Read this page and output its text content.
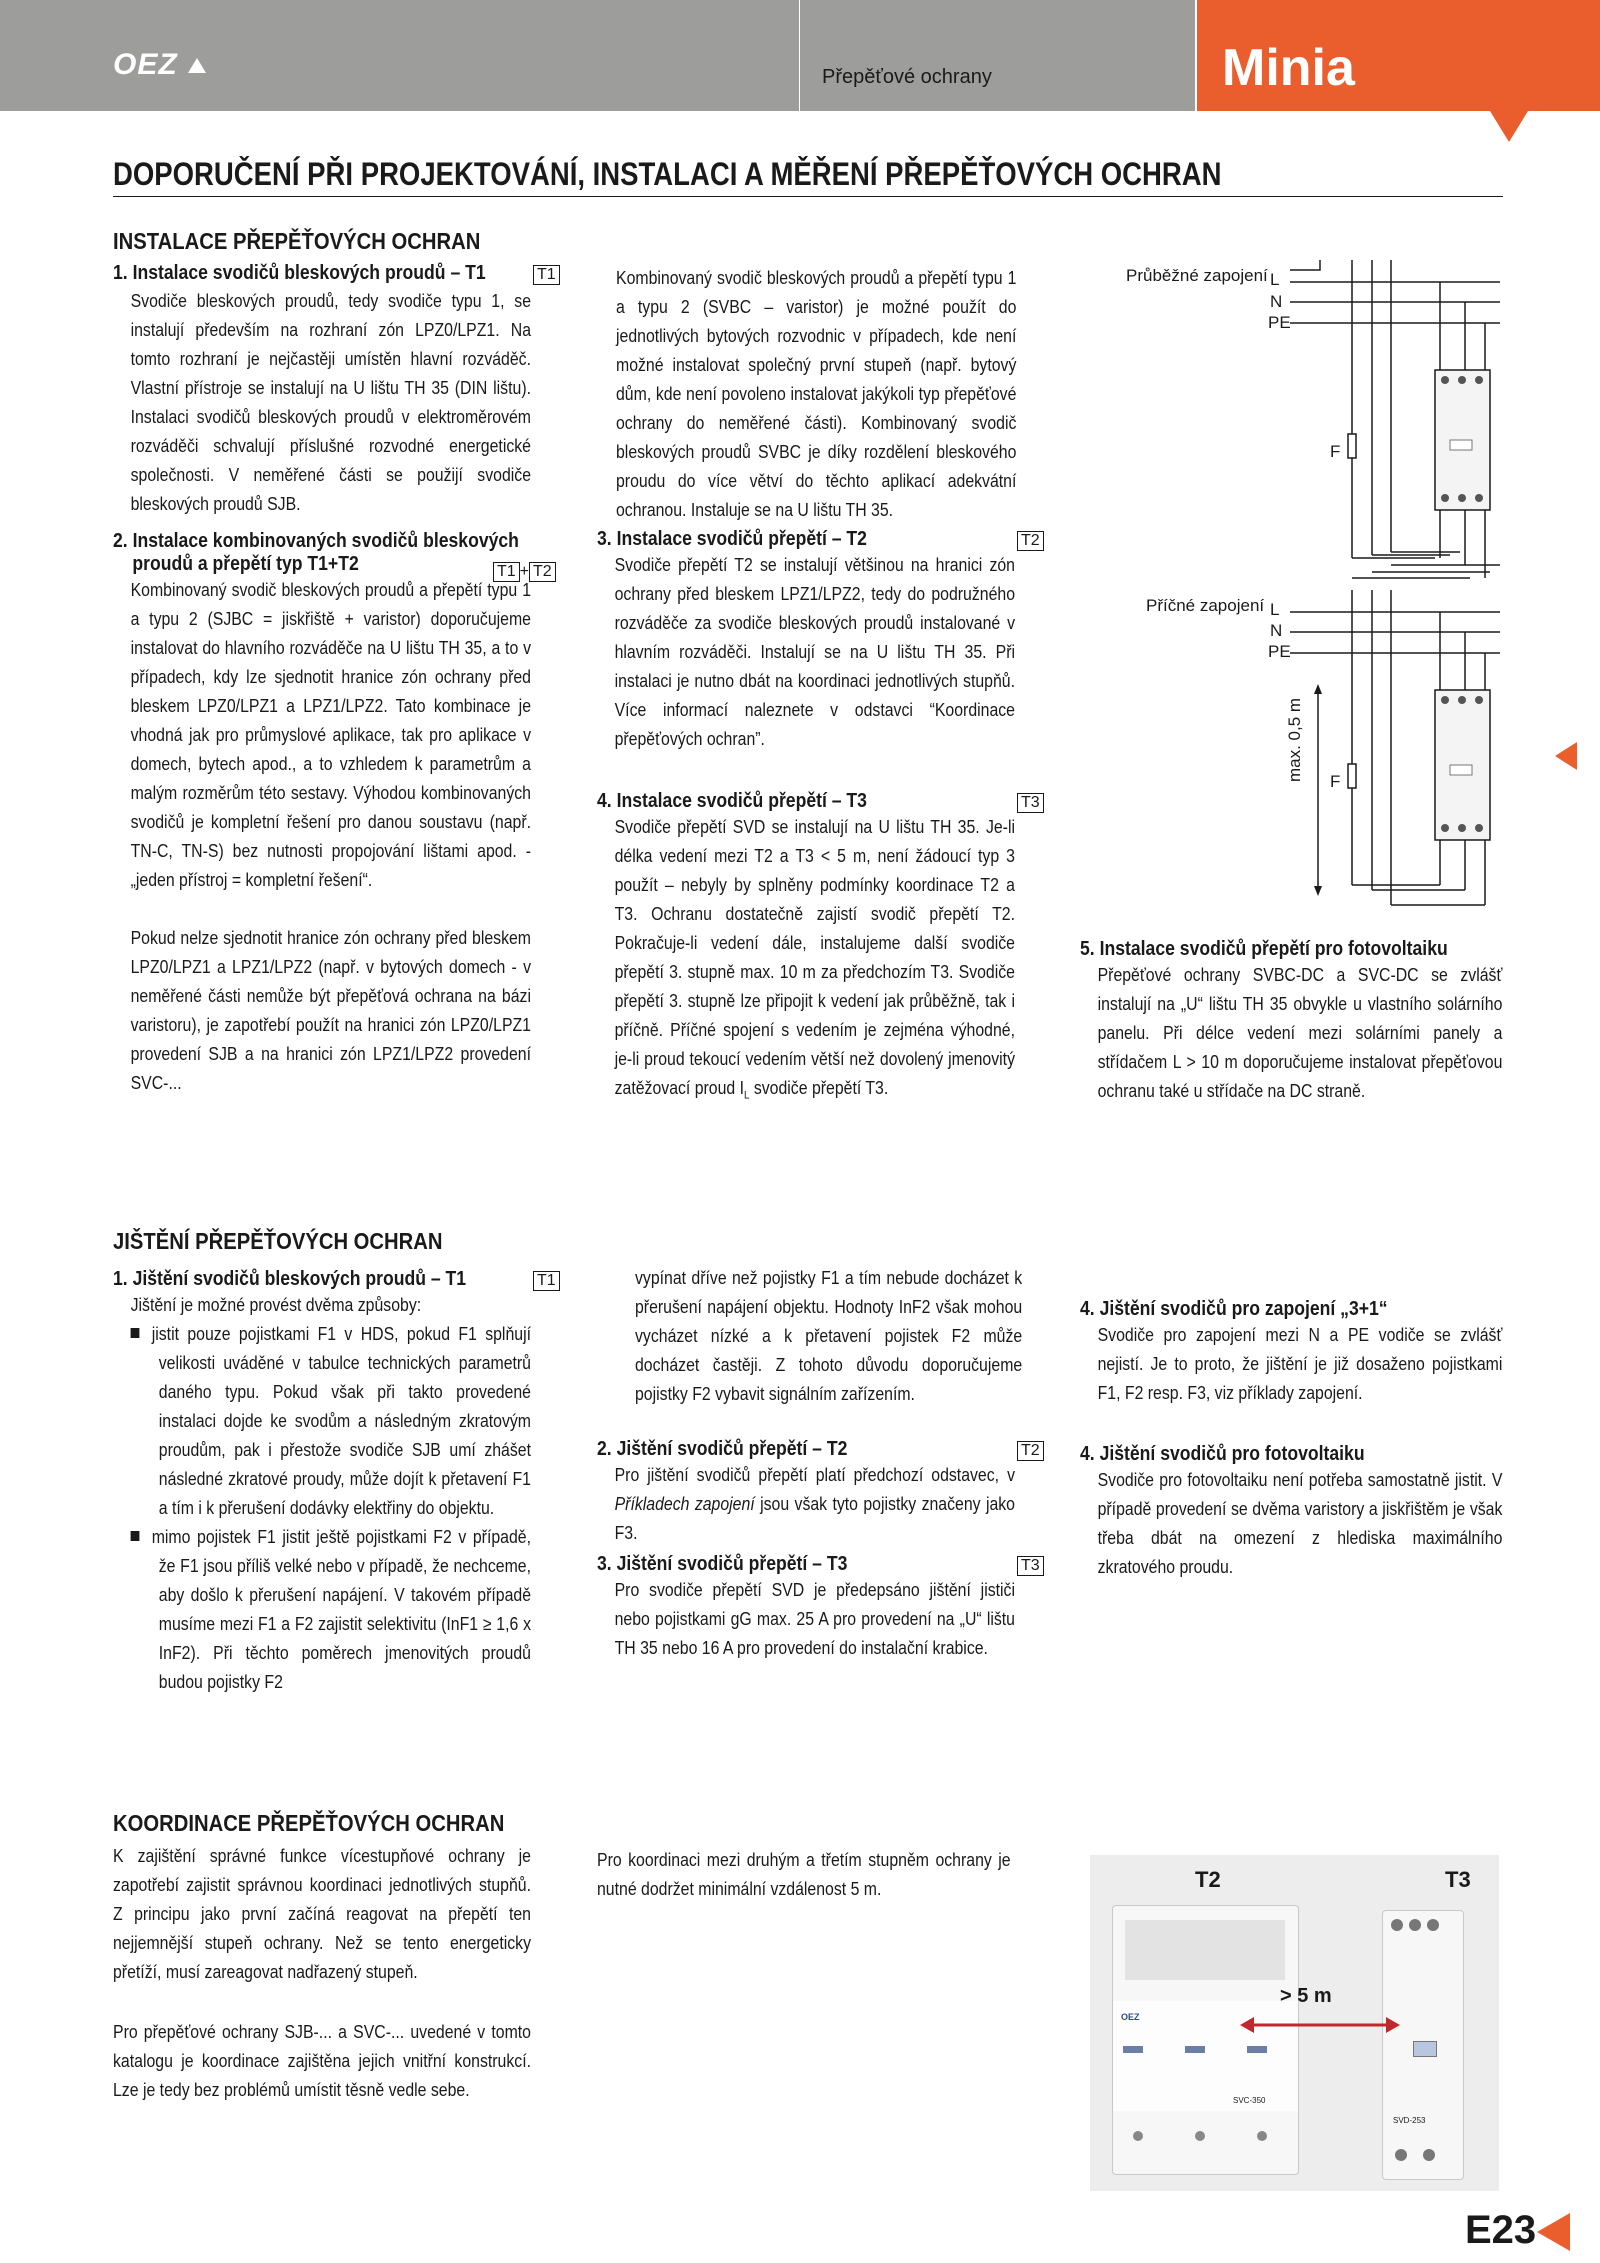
OEZ	Přepěťové ochrany	Minia
DOPORUČENÍ PŘI PROJEKTOVÁNÍ, INSTALACI A MĚŘENÍ PŘEPĚŤOVÝCH OCHRAN
INSTALACE PŘEPĚŤOVÝCH OCHRAN
1. Instalace svodičů bleskových proudů – T1	T1
Svodiče bleskových proudů, tedy svodiče typu 1, se instalují především na rozhraní zón LPZ0/LPZ1. Na tomto rozhraní je nejčastěji umístěn hlavní rozváděč. Vlastní přístroje se instalují na U lištu TH 35 (DIN lištu). Instalaci svodičů bleskových proudů v elektroměrovém rozváděči schvalují příslušné rozvodné energetické společnosti. V neměřené části se použijí svodiče bleskových proudů SJB.
Kombinovaný svodič bleskových proudů a přepětí typu 1 a typu 2 (SVBC – varistor) je možné použít do jednotlivých bytových rozvodnic v případech, kde není možné instalovat společný první stupeň (např. bytový dům, kde není povoleno instalovat jakýkoli typ přepěťové ochrany do neměřené části). Kombinovaný svodič bleskových proudů SVBC je díky rozdělení bleskového proudu do více větví do těchto aplikací adekvátní ochranou. Instaluje se na U lištu TH 35.
2. Instalace kombinovaných svodičů bleskových
proudů a přepětí typ T1+T2	T1 + T2
Kombinovaný svodič bleskových proudů a přepětí typu 1 a typu 2 (SJBC = jiskřiště + varistor) doporučujeme instalovat do hlavního rozváděče na U lištu TH 35, a to v případech, kdy lze sjednotit hranice zón ochrany před bleskem LPZ0/LPZ1 a LPZ1/LPZ2. Tato kombinace je vhodná jak pro průmyslové aplikace, tak pro aplikace v domech, bytech apod., a to vzhledem k parametrům a malým rozměrům této sestavy. Výhodou kombinovaných svodičů je kompletní řešení pro danou soustavu (např. TN-C, TN-S) bez nutnosti propojování lištami apod. - „jeden přístroj = kompletní řešení“.
Pokud nelze sjednotit hranice zón ochrany před bleskem LPZ0/LPZ1 a LPZ1/LPZ2 (např. v bytových domech - v neměřené části nemůže být přepěťová ochrana na bázi varistoru), je zapotřebí použít na hranici zón LPZ0/LPZ1 provedení SJB a na hranici zón LPZ1/LPZ2 provedení SVC-...
3. Instalace svodičů přepětí – T2	T2
Svodiče přepětí T2 se instalují většinou na hranici zón ochrany před bleskem LPZ1/LPZ2, tedy do podružného rozváděče za svodiče bleskových proudů instalované v hlavním rozváděči. Instalují se na U lištu TH 35. Při instalaci je nutno dbát na koordinaci jednotlivých stupňů. Více informací naleznete v odstavci “Koordinace přepěťových ochran”.
4. Instalace svodičů přepětí – T3	T3
Svodiče přepětí SVD se instalují na U lištu TH 35. Je-li délka vedení mezi T2 a T3 < 5 m, není žádoucí typ 3 použít – nebyly by splněny podmínky koordinace T2 a T3. Ochranu dostatečně zajistí svodič přepětí T2. Pokračuje-li vedení dále, instalujeme další svodiče přepětí 3. stupně max. 10 m za předchozím T3. Svodiče přepětí 3. stupně lze připojit k vedení jak průběžně, tak i příčně. Příčné spojení s vedením je zejména výhodné, je-li proud tekoucí vedením větší než dovolený jmenovitý zatěžovací proud $I_L$ svodiče přepětí T3.
5. Instalace svodičů přepětí pro fotovoltaiku
Přepěťové ochrany SVBC-DC a SVC-DC se zvlášť instalují na „U“ lištu TH 35 obvykle u vlastního solárního panelu. Při délce vedení mezi solárními panely a střídačem L > 10 m doporučujeme instalovat přepěťovou ochranu také u střídače na DC straně.
Průběžné zapojení L
N
PE
F
Příčné zapojení L
N
PE
F
max. 0,5 m
JIŠTĚNÍ PŘEPĚŤOVÝCH OCHRAN
1. Jištění svodičů bleskových proudů – T1	T1
Jištění je možné provést dvěma způsoby:
jistit pouze pojistkami F1 v HDS, pokud F1 splňují velikosti uváděné v tabulce technických parametrů daného typu. Pokud však při takto provedené instalaci dojde ke svodům a následným zkratovým proudům, pak i přestože svodiče SJB umí zhášet následné zkratové proudy, může dojít k přetavení F1 a tím i k přerušení dodávky elektřiny do objektu.
mimo pojistek F1 jistit ještě pojistkami F2 v případě, že F1 jsou příliš velké nebo v případě, že nechceme, aby došlo k přerušení napájení. V takovém případě musíme mezi F1 a F2 zajistit selektivitu (InF1 ≥ 1,6 x InF2). Při těchto poměrech jmenovitých proudů budou pojistky F2
vypínat dříve než pojistky F1 a tím nebude docházet k přerušení napájení objektu. Hodnoty InF2 však mohou vycházet nízké a k přetavení pojistek F2 může docházet častěji. Z tohoto důvodu doporučujeme pojistky F2 vybavit signálním zařízením.
2. Jištění svodičů přepětí – T2	T2
Pro jištění svodičů přepětí platí předchozí odstavec, v Příkladech zapojení jsou však tyto pojistky značeny jako F3.
3. Jištění svodičů přepětí – T3	T3
Pro svodiče přepětí SVD je předepsáno jištění jističi nebo pojistkami gG max. 25 A pro provedení na „U“ lištu TH 35 nebo 16 A pro provedení do instalační krabice.
4. Jištění svodičů pro zapojení „3+1“
Svodiče pro zapojení mezi N a PE vodiče se zvlášť nejistí. Je to proto, že jištění je již dosaženo pojistkami F1, F2 resp. F3, viz příklady zapojení.
4. Jištění svodičů pro fotovoltaiku
Svodiče pro fotovoltaiku není potřeba samostatně jistit. V případě provedení se dvěma varistory a jiskřištěm je však třeba dbát na omezení z hlediska maximálního zkratového proudu.
KOORDINACE PŘEPĚŤOVÝCH OCHRAN
K zajištění správné funkce vícestupňové ochrany je zapotřebí zajistit správnou koordinaci jednotlivých stupňů. Z principu jako první začíná reagovat na přepětí ten nejjemnější stupeň ochrany. Než se tento energeticky přetíží, musí zareagovat nadřazený stupeň.
Pro přepěťové ochrany SJB-... a SVC-... uvedené v tomto katalogu je koordinace zajištěna jejich vnitřní konstrukcí. Lze je tedy bez problémů umístit těsně vedle sebe.
Pro koordinaci mezi druhým a třetím stupněm ochrany je nutné dodržet minimální vzdálenost 5 m.	T2	T3
OEZ
SVC-350
SVD-253
> 5 m
E23
